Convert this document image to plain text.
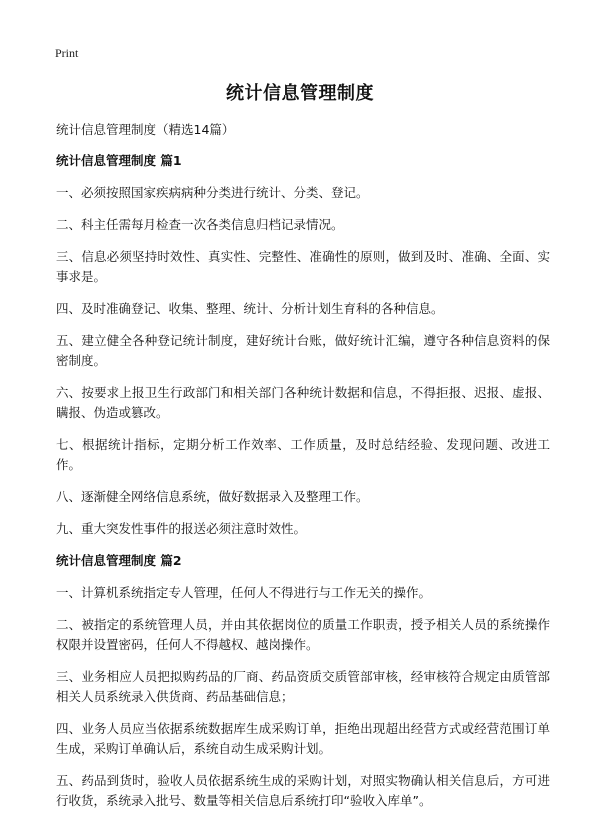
Print
统计信息管理制度

统计信息管理制度（精选14篇）

统计信息管理制度 篇1

一、必须按照国家疾病病种分类进行统计、分类、登记。

二、科主任需每月检查一次各类信息归档记录情况。

三、信息必须坚持时效性、真实性、完整性、准确性的原则，做到及时、准确、全面、实事求是。

四、及时准确登记、收集、整理、统计、分析计划生育科的各种信息。

五、建立健全各种登记统计制度，建好统计台账，做好统计汇编，遵守各种信息资料的保密制度。

六、按要求上报卫生行政部门和相关部门各种统计数据和信息，不得拒报、迟报、虚报、瞒报、伪造或篡改。

七、根据统计指标，定期分析工作效率、工作质量，及时总结经验、发现问题、改进工作。

八、逐渐健全网络信息系统，做好数据录入及整理工作。

九、重大突发性事件的报送必须注意时效性。

统计信息管理制度 篇2

一、计算机系统指定专人管理，任何人不得进行与工作无关的操作。

二、被指定的系统管理人员，并由其依据岗位的质量工作职责，授予相关人员的系统操作权限并设置密码，任何人不得越权、越岗操作。

三、业务相应人员把拟购药品的厂商、药品资质交质管部审核，经审核符合规定由质管部相关人员系统录入供货商、药品基础信息；

四、业务人员应当依据系统数据库生成采购订单，拒绝出现超出经营方式或经营范围订单生成，采购订单确认后，系统自动生成采购计划。

五、药品到货时，验收人员依据系统生成的采购计划，对照实物确认相关信息后，方可进行收货，系统录入批号、数量等相关信息后系统打印“验收入库单”。
